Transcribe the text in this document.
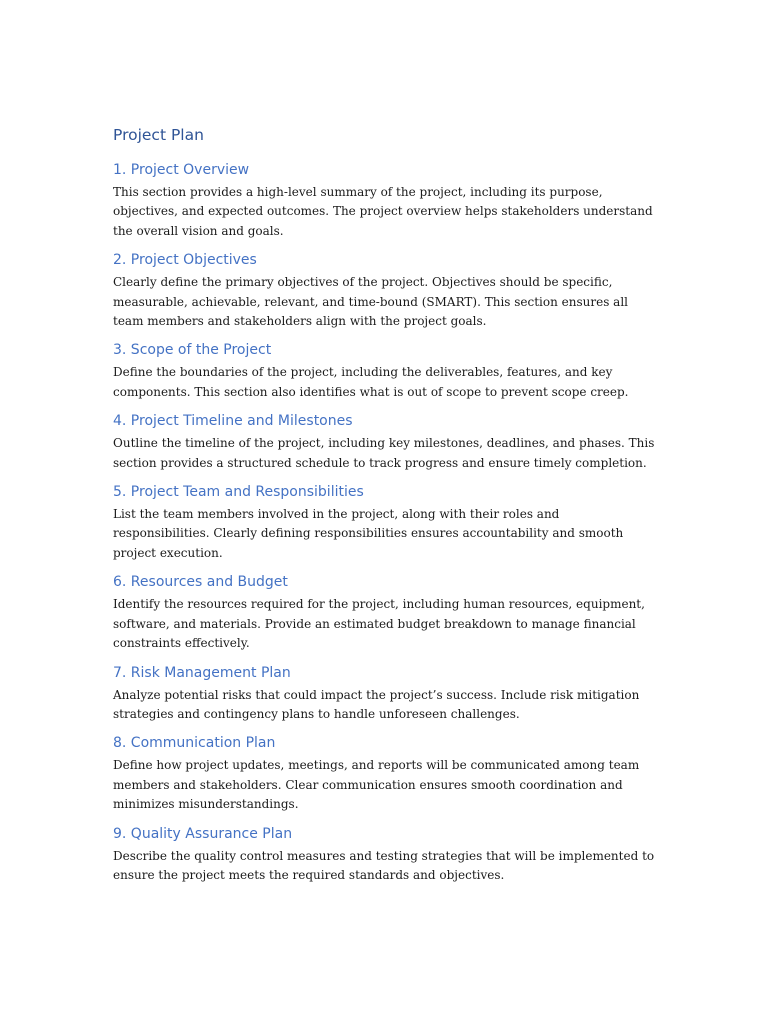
Project Plan
1. Project Overview

This section provides a high-level summary of the project, including its purpose, objectives, and expected outcomes. The project overview helps stakeholders understand the overall vision and goals.

2. Project Objectives

Clearly define the primary objectives of the project. Objectives should be specific, measurable, achievable, relevant, and time-bound (SMART). This section ensures all team members and stakeholders align with the project goals.

3. Scope of the Project

Define the boundaries of the project, including the deliverables, features, and key components. This section also identifies what is out of scope to prevent scope creep.

4. Project Timeline and Milestones

Outline the timeline of the project, including key milestones, deadlines, and phases. This section provides a structured schedule to track progress and ensure timely completion.

5. Project Team and Responsibilities

List the team members involved in the project, along with their roles and responsibilities. Clearly defining responsibilities ensures accountability and smooth project execution.

6. Resources and Budget

Identify the resources required for the project, including human resources, equipment, software, and materials. Provide an estimated budget breakdown to manage financial constraints effectively.

7. Risk Management Plan

Analyze potential risks that could impact the project’s success. Include risk mitigation strategies and contingency plans to handle unforeseen challenges.

8. Communication Plan

Define how project updates, meetings, and reports will be communicated among team members and stakeholders. Clear communication ensures smooth coordination and minimizes misunderstandings.

9. Quality Assurance Plan

Describe the quality control measures and testing strategies that will be implemented to ensure the project meets the required standards and objectives.
